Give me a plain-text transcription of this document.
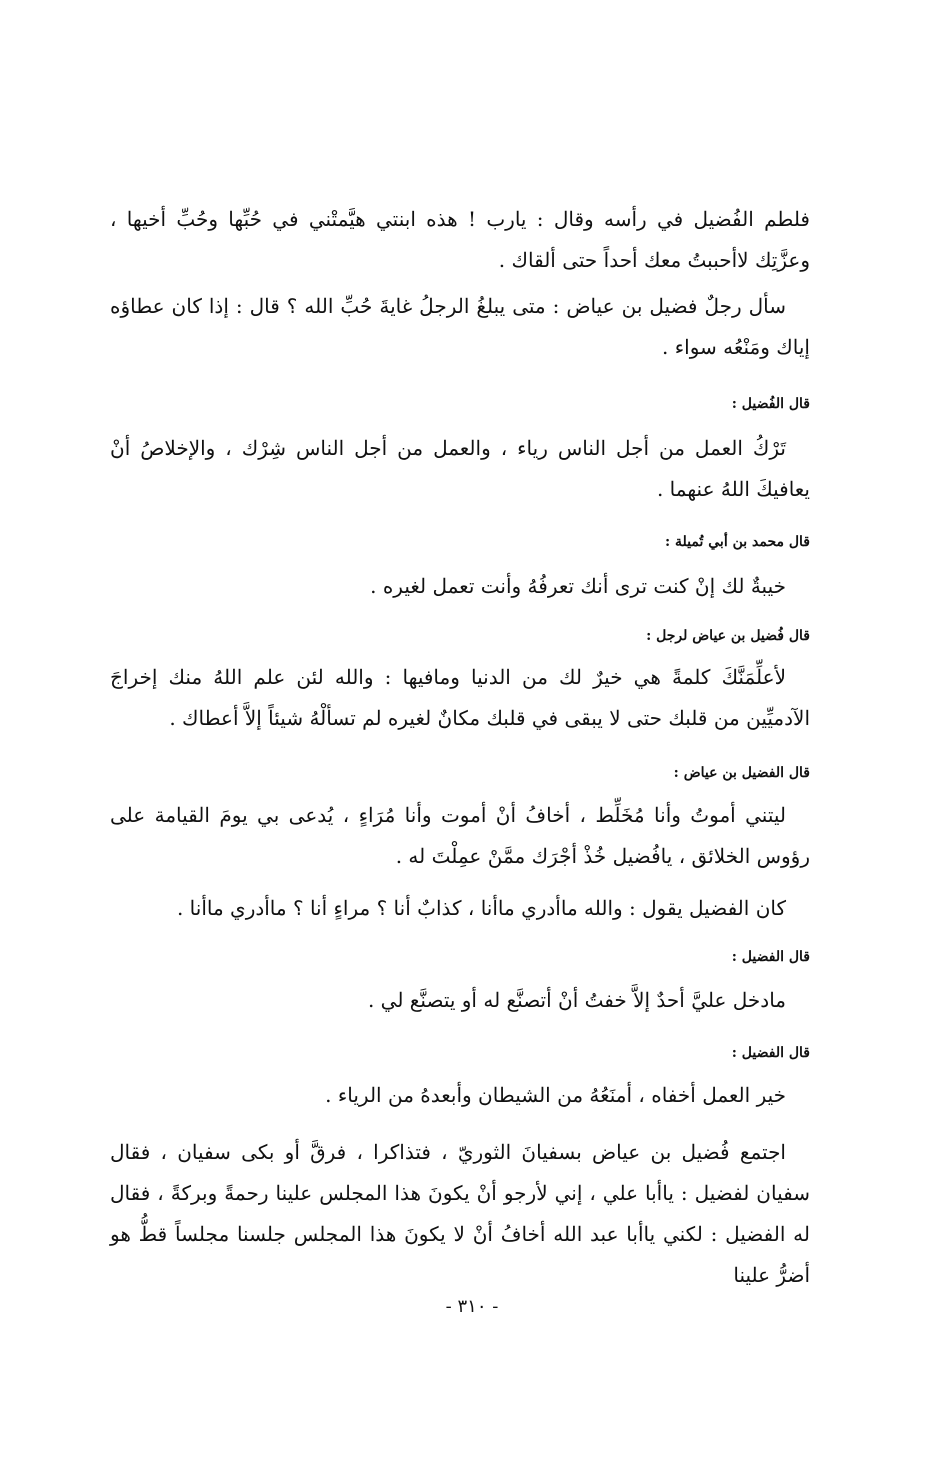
فلطم الفُضيل في رأسه وقال : يارب ! هذه ابنتي هيَّمتْني في حُبِّها وحُبِّ أخيها ، وعزَّتِك لاأحببتُ معك أحداً حتى ألقاك .

سأل رجلٌ فضيل بن عياض : متى يبلغُ الرجلُ غايةَ حُبِّ الله ؟ قال : إذا كان عطاؤه إياك ومَنْعُه سواء .

قال الفُضيل :

تَرْكُ العمل من أجل الناس رياء ، والعمل من أجل الناس شِرْك ، والإخلاصُ أنْ يعافيكَ اللهُ عنهما .

قال محمد بن أبي تُميلة :

خيبةٌ لك إنْ كنت ترى أنك تعرفُهُ وأنت تعمل لغيره .

قال فُضيل بن عياض لرجل :

لأعلِّمَنَّكَ كلمةً هي خيرٌ لك من الدنيا ومافيها : والله لئن علم اللهُ منك إخراجَ الآدميِّين من قلبك حتى لا يبقى في قلبك مكانٌ لغيره لم تسألْهُ شيئاً إلاَّ أعطاك .

قال الفضيل بن عياض :

ليتني أموتُ وأنا مُخَلِّط ، أخافُ أنْ أموت وأنا مُرَاءٍ ، يُدعى بي يومَ القيامة على رؤوس الخلائق ، يافُضيل خُذْ أجْرَك ممَّنْ عمِلْتَ له .

كان الفضيل يقول : والله ماأدري ماأنا ، كذابٌ أنا ؟ مراءٍ أنا ؟ ماأدري ماأنا .

قال الفضيل :

مادخل عليَّ أحدٌ إلاَّ خفتُ أنْ أتصنَّع له أو يتصنَّع لي .

قال الفضيل :

خير العمل أخفاه ، أمنَعُهُ من الشيطان وأبعدهُ من الرياء .

اجتمع فُضيل بن عياض بسفيانَ الثوريّ ، فتذاكرا ، فرقَّ أو بكى سفيان ، فقال سفيان لفضيل : ياأبا علي ، إني لأرجو أنْ يكونَ هذا المجلس علينا رحمةً وبركةً ، فقال له الفضيل : لكني ياأبا عبد الله أخافُ أنْ لا يكونَ هذا المجلس جلسنا مجلساً قطُّ هو أضرُّ علينا

- ٣١٠ -
